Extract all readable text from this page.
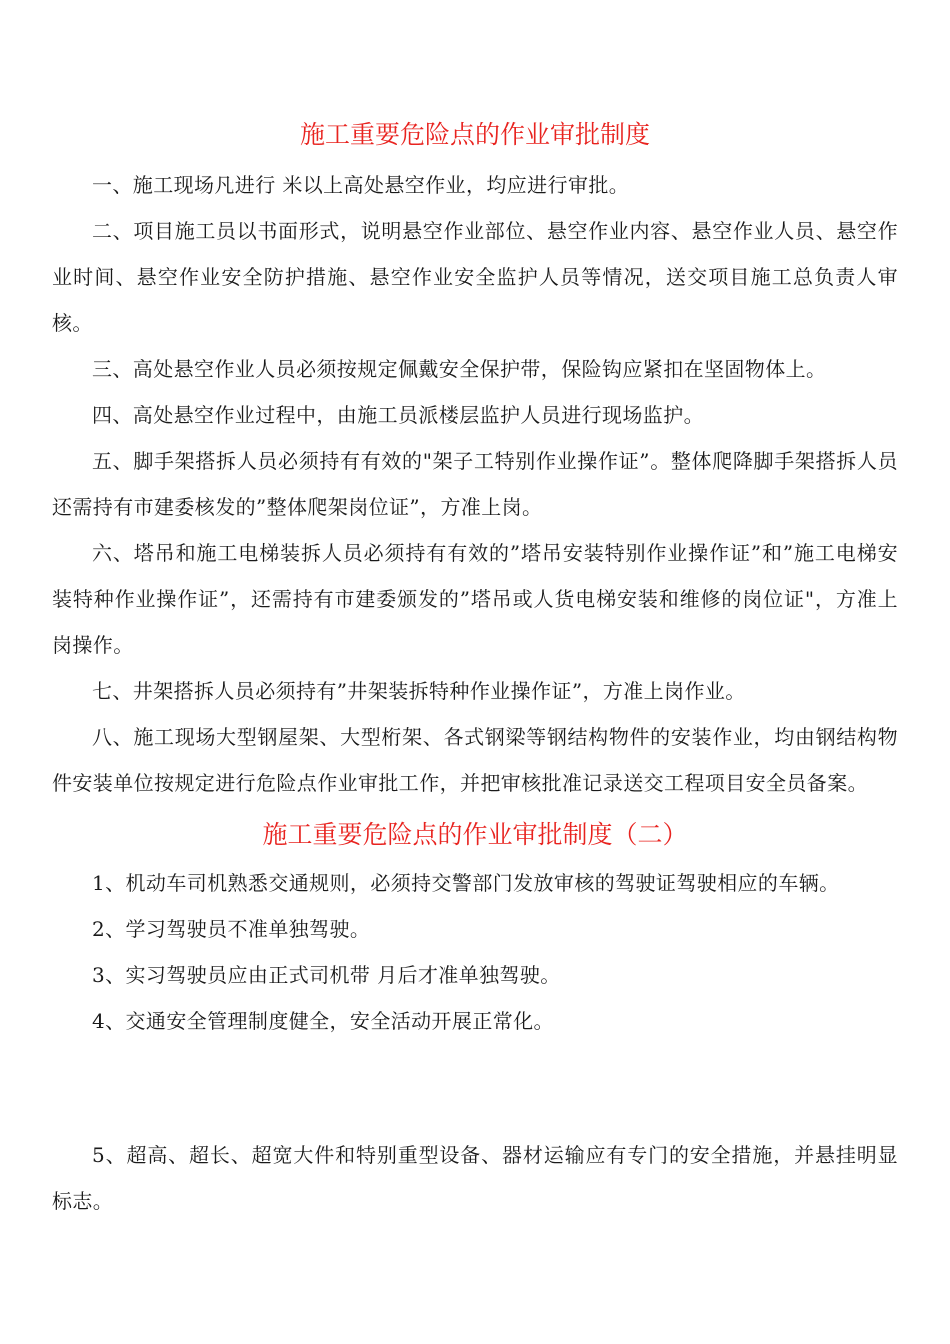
施工重要危险点的作业审批制度

一、施工现场凡进行 米以上高处悬空作业，均应进行审批。

二、项目施工员以书面形式，说明悬空作业部位、悬空作业内容、悬空作业人员、悬空作业时间、悬空作业安全防护措施、悬空作业安全监护人员等情况，送交项目施工总负责人审核。

三、高处悬空作业人员必须按规定佩戴安全保护带，保险钩应紧扣在坚固物体上。

四、高处悬空作业过程中，由施工员派楼层监护人员进行现场监护。

五、脚手架搭拆人员必须持有有效的"架子工特别作业操作证”。整体爬降脚手架搭拆人员还需持有市建委核发的”整体爬架岗位证”，方准上岗。

六、塔吊和施工电梯装拆人员必须持有有效的”塔吊安装特别作业操作证”和”施工电梯安装特种作业操作证”，还需持有市建委颁发的”塔吊或人货电梯安装和维修的岗位证"，方准上岗操作。

七、井架搭拆人员必须持有”井架装拆特种作业操作证”，方准上岗作业。

八、施工现场大型钢屋架、大型桁架、各式钢梁等钢结构物件的安装作业，均由钢结构物件安装单位按规定进行危险点作业审批工作，并把审核批准记录送交工程项目安全员备案。

施工重要危险点的作业审批制度（二）

1、机动车司机熟悉交通规则，必须持交警部门发放审核的驾驶证驾驶相应的车辆。

2、学习驾驶员不准单独驾驶。

3、实习驾驶员应由正式司机带 月后才准单独驾驶。

4、交通安全管理制度健全，安全活动开展正常化。

5、超高、超长、超宽大件和特别重型设备、器材运输应有专门的安全措施，并悬挂明显标志。
